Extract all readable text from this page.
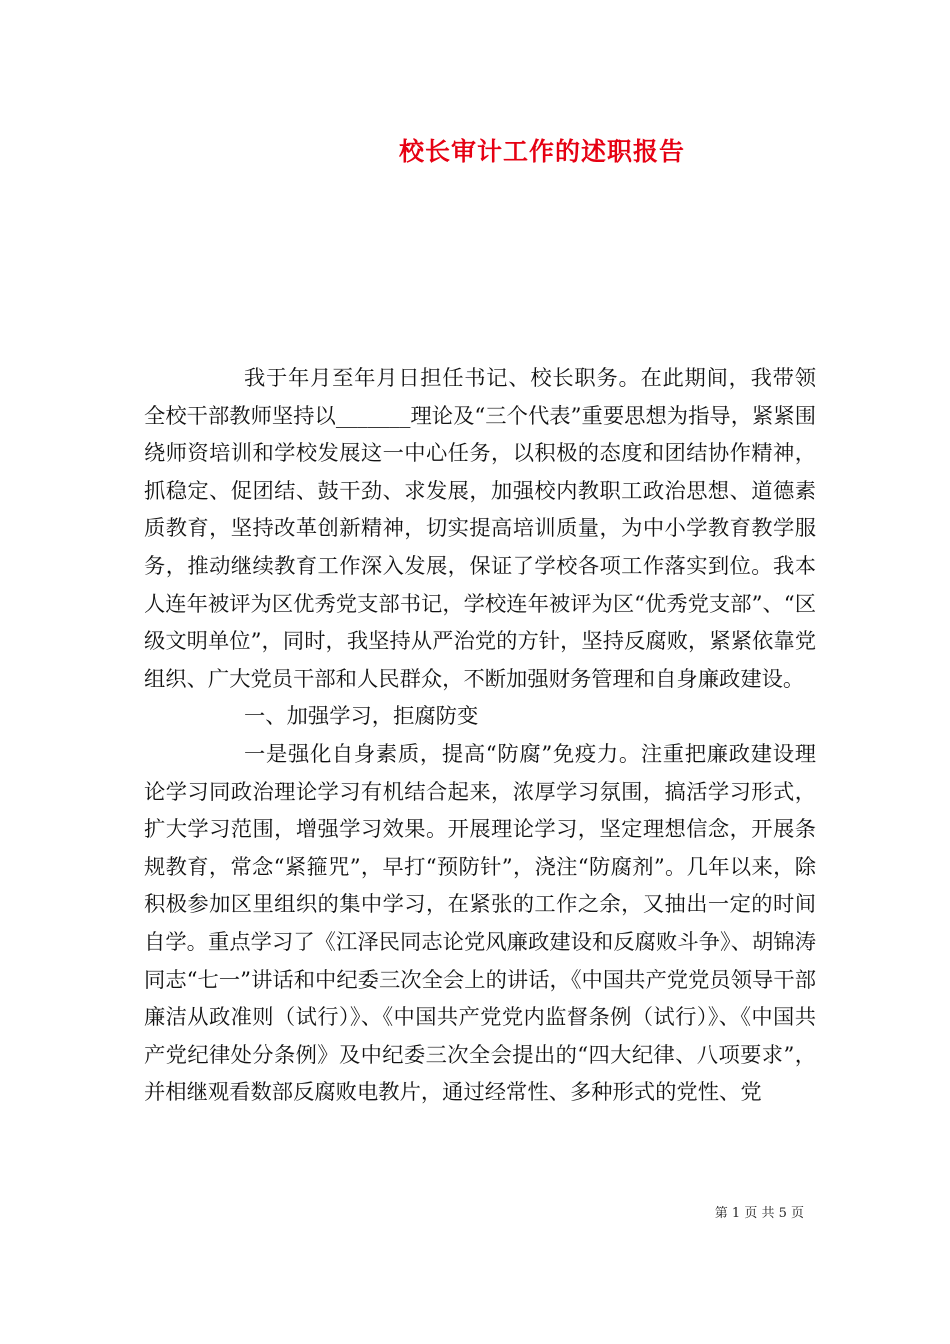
校长审计工作的述职报告

我于年月至年月日担任书记、校长职务。在此期间，我带领全校干部教师坚持以_______理论及“三个代表”重要思想为指导，紧紧围绕师资培训和学校发展这一中心任务，以积极的态度和团结协作精神，抓稳定、促团结、鼓干劲、求发展，加强校内教职工政治思想、道德素质教育，坚持改革创新精神，切实提高培训质量，为中小学教育教学服务，推动继续教育工作深入发展，保证了学校各项工作落实到位。我本人连年被评为区优秀党支部书记，学校连年被评为区“优秀党支部”、“区级文明单位”，同时，我坚持从严治党的方针，坚持反腐败，紧紧依靠党组织、广大党员干部和人民群众，不断加强财务管理和自身廉政建设。

一、加强学习，拒腐防变

一是强化自身素质，提高“防腐”免疫力。注重把廉政建设理论学习同政治理论学习有机结合起来，浓厚学习氛围，搞活学习形式，扩大学习范围，增强学习效果。开展理论学习，坚定理想信念，开展条规教育，常念“紧箍咒”，早打“预防针”，浇注“防腐剂”。几年以来，除积极参加区里组织的集中学习，在紧张的工作之余，又抽出一定的时间自学。重点学习了《江泽民同志论党风廉政建设和反腐败斗争》、胡锦涛同志“七一”讲话和中纪委三次全会上的讲话，《中国共产党党员领导干部廉洁从政准则（试行）》、《中国共产党党内监督条例（试行）》、《中国共产党纪律处分条例》及中纪委三次全会提出的“四大纪律、八项要求”，并相继观看数部反腐败电教片，通过经常性、多种形式的党性、党

第 1 页 共 5 页
